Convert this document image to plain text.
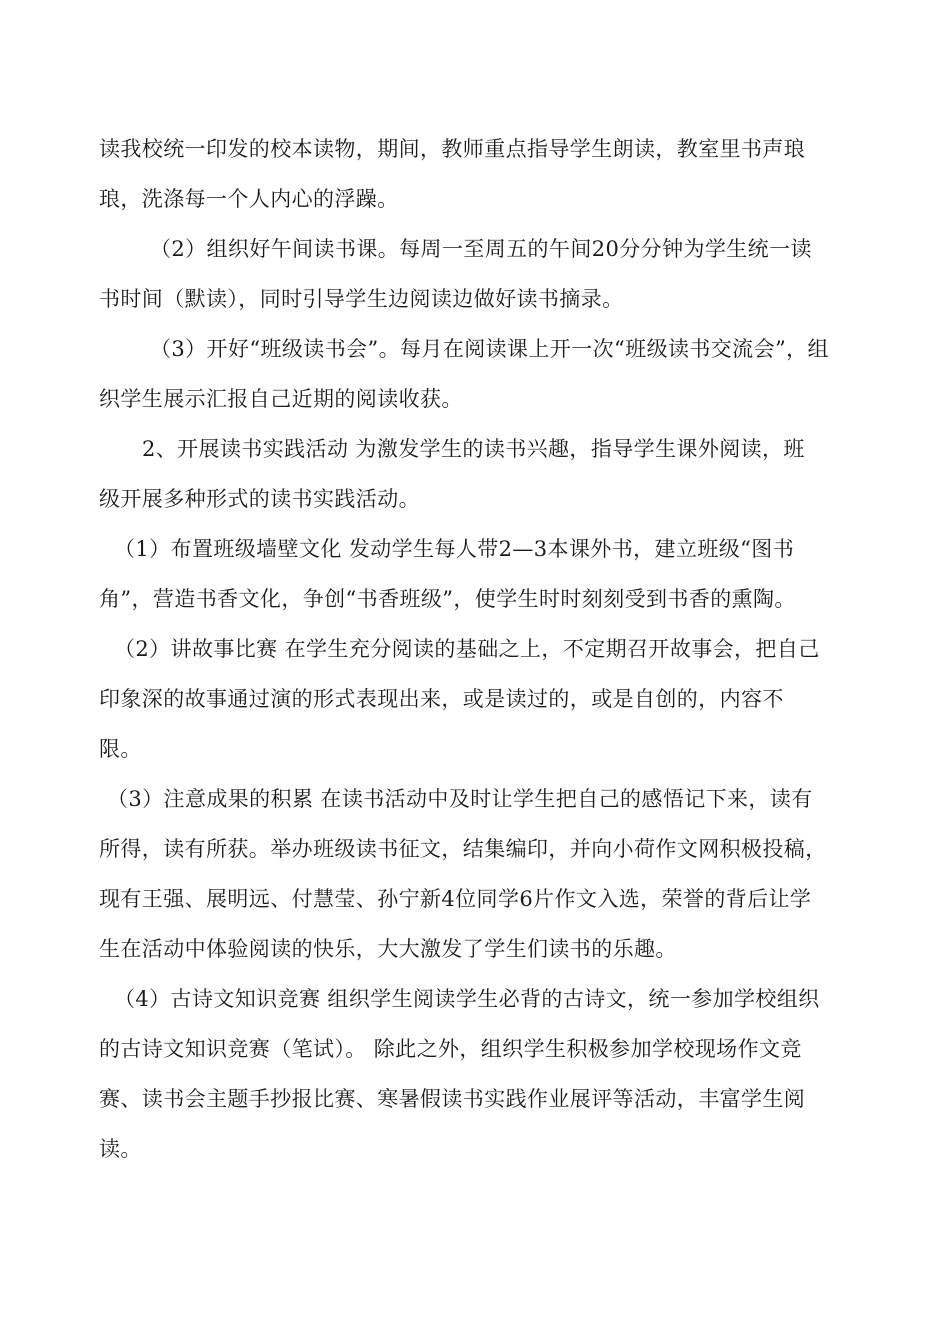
读我校统一印发的校本读物，期间，教师重点指导学生朗读，教室里书声琅
琅，洗涤每一个人内心的浮躁。
（2）组织好午间读书课。每周一至周五的午间20分分钟为学生统一读
书时间（默读），同时引导学生边阅读边做好读书摘录。
（3）开好“班级读书会”。每月在阅读课上开一次“班级读书交流会”，组
织学生展示汇报自己近期的阅读收获。
2、开展读书实践活动 为激发学生的读书兴趣，指导学生课外阅读，班
级开展多种形式的读书实践活动。
（1）布置班级墙壁文化 发动学生每人带2—3本课外书，建立班级“图书
角”，营造书香文化，争创“书香班级”，使学生时时刻刻受到书香的熏陶。
（2）讲故事比赛 在学生充分阅读的基础之上，不定期召开故事会，把自己
印象深的故事通过演的形式表现出来，或是读过的，或是自创的，内容不
限。
（3）注意成果的积累 在读书活动中及时让学生把自己的感悟记下来，读有
所得，读有所获。举办班级读书征文，结集编印，并向小荷作文网积极投稿，
现有王强、展明远、付慧莹、孙宁新4位同学6片作文入选，荣誉的背后让学
生在活动中体验阅读的快乐，大大激发了学生们读书的乐趣。
（4）古诗文知识竞赛 组织学生阅读学生必背的古诗文，统一参加学校组织
的古诗文知识竞赛（笔试）。 除此之外，组织学生积极参加学校现场作文竞
赛、读书会主题手抄报比赛、寒暑假读书实践作业展评等活动，丰富学生阅
读。
